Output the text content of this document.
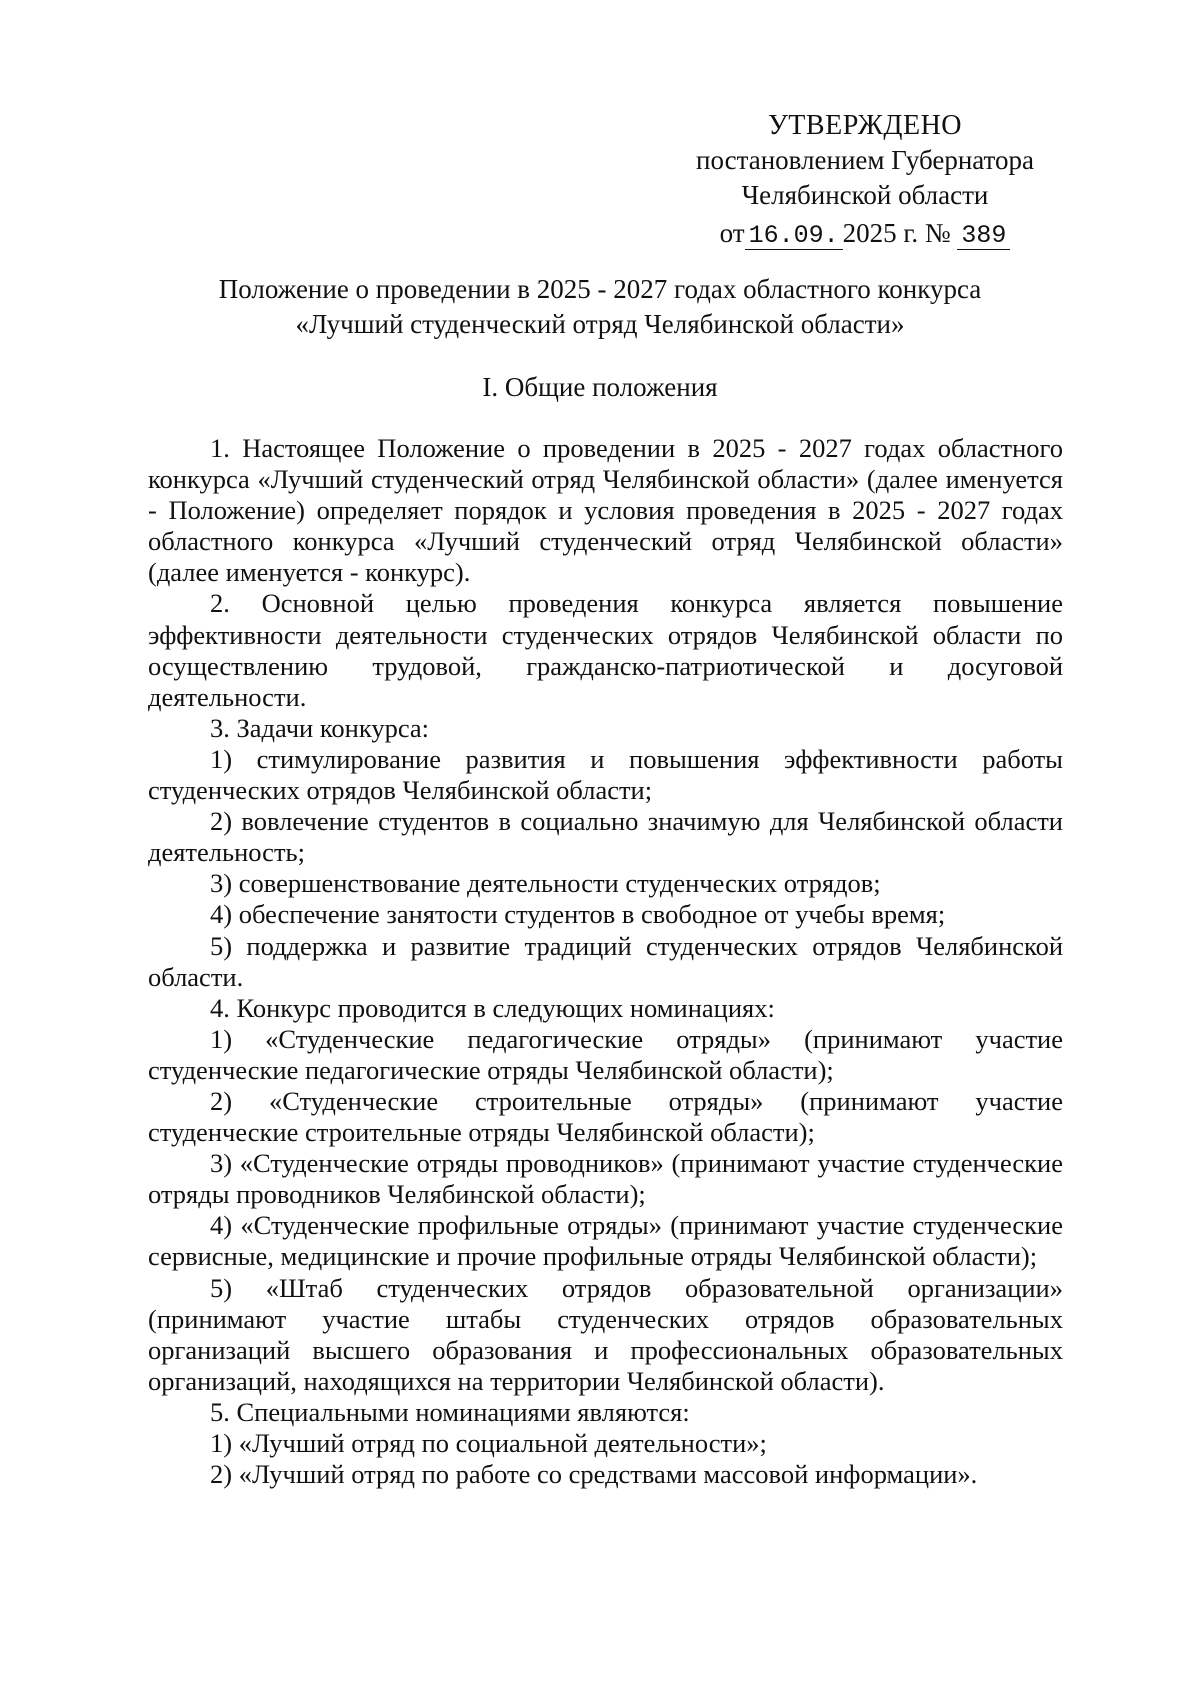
УТВЕРЖДЕНО
постановлением Губернатора
Челябинской области
от 16.09. 2025 г. № 389
Положение о проведении в 2025 - 2027 годах областного конкурса
«Лучший студенческий отряд Челябинской области»
I. Общие положения

1. Настоящее Положение о проведении в 2025 - 2027 годах областного конкурса «Лучший студенческий отряд Челябинской области» (далее именуется - Положение) определяет порядок и условия проведения в 2025 - 2027 годах областного конкурса «Лучший студенческий отряд Челябинской области» (далее именуется - конкурс).

2. Основной целью проведения конкурса является повышение эффективности деятельности студенческих отрядов Челябинской области по осуществлению трудовой, гражданско-патриотической и досуговой деятельности.

3. Задачи конкурса:

1) стимулирование развития и повышения эффективности работы студенческих отрядов Челябинской области;

2) вовлечение студентов в социально значимую для Челябинской области деятельность;

3) совершенствование деятельности студенческих отрядов;

4) обеспечение занятости студентов в свободное от учебы время;

5) поддержка и развитие традиций студенческих отрядов Челябинской области.

4. Конкурс проводится в следующих номинациях:

1) «Студенческие педагогические отряды» (принимают участие студенческие педагогические отряды Челябинской области);

2) «Студенческие строительные отряды» (принимают участие студенческие строительные отряды Челябинской области);

3) «Студенческие отряды проводников» (принимают участие студенческие отряды проводников Челябинской области);

4) «Студенческие профильные отряды» (принимают участие студенческие сервисные, медицинские и прочие профильные отряды Челябинской области);

5) «Штаб студенческих отрядов образовательной организации» (принимают участие штабы студенческих отрядов образовательных организаций высшего образования и профессиональных образовательных организаций, находящихся на территории Челябинской области).

5. Специальными номинациями являются:

1) «Лучший отряд по социальной деятельности»;

2) «Лучший отряд по работе со средствами массовой информации».
